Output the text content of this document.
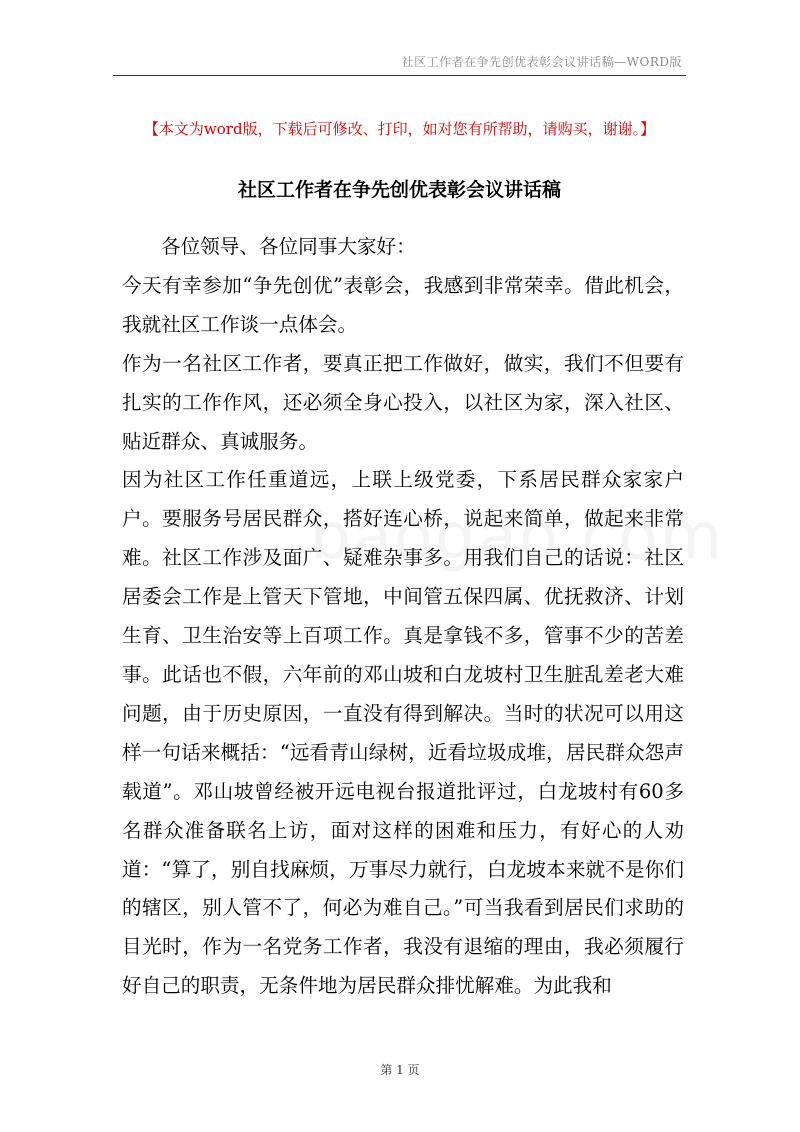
社区工作者在争先创优表彰会议讲话稿—WORD版
【本文为word版，下载后可修改、打印，如对您有所帮助，请购买，谢谢。】
社区工作者在争先创优表彰会议讲话稿

各位领导、各位同事大家好：

今天有幸参加“争先创优”表彰会，我感到非常荣幸。借此机会，我就社区工作谈一点体会。

作为一名社区工作者，要真正把工作做好，做实，我们不但要有扎实的工作作风，还必须全身心投入，以社区为家，深入社区、贴近群众、真诚服务。

因为社区工作任重道远，上联上级党委，下系居民群众家家户户。要服务号居民群众，搭好连心桥，说起来简单，做起来非常难。社区工作涉及面广、疑难杂事多。用我们自己的话说：社区居委会工作是上管天下管地，中间管五保四属、优抚救济、计划生育、卫生治安等上百项工作。真是拿钱不多，管事不少的苦差事。此话也不假，六年前的邓山坡和白龙坡村卫生脏乱差老大难问题，由于历史原因，一直没有得到解决。当时的状况可以用这样一句话来概括：“远看青山绿树，近看垃圾成堆，居民群众怨声载道”。邓山坡曾经被开远电视台报道批评过，白龙坡村有60多名群众准备联名上访，面对这样的困难和压力，有好心的人劝道：“算了，别自找麻烦，万事尽力就行，白龙坡本来就不是你们的辖区，别人管不了，何必为难自己。”可当我看到居民们求助的目光时，作为一名党务工作者，我没有退缩的理由，我必须履行好自己的职责，无条件地为居民群众排忧解难。为此我和

第 1 页
